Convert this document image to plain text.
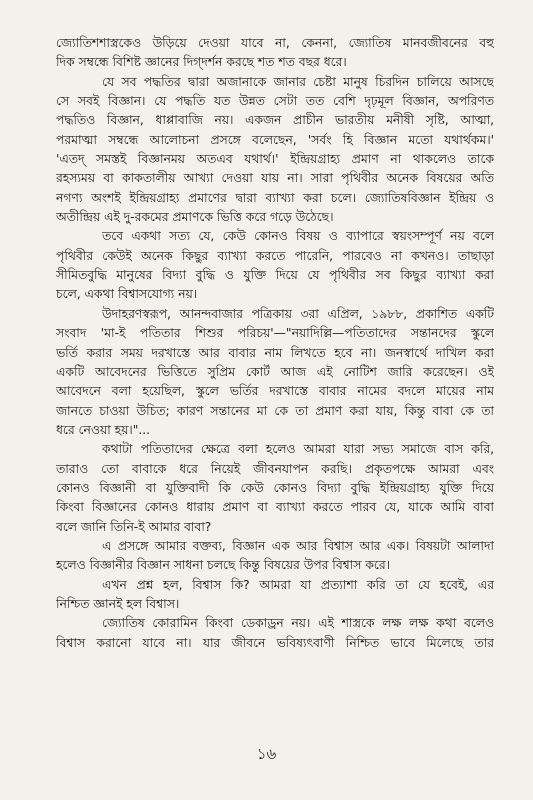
জ্যোতিশশাস্ত্রকেও উড়িয়ে দেওয়া যাবে না, কেননা, জ্যোতিষ মানবজীবনের বহু
দিক সম্বন্ধে বিশিষ্ট জ্ঞানের দিগ্‌দর্শন করছে শত শত বছর ধরে।
যে সব পদ্ধতির দ্বারা অজানাকে জানার চেষ্টা মানুষ চিরদিন চালিয়ে আসছে
সে সবই বিজ্ঞান। যে পদ্ধতি যত উন্নত সেটা তত বেশি দৃঢ়মূল বিজ্ঞান, অপরিণত
পদ্ধতিও বিজ্ঞান, ধাপ্পাবাজি নয়। একজন প্রাচীন ভারতীয় মনীষী সৃষ্টি, আত্মা,
পরমাত্মা সম্বন্ধে আলোচনা প্রসঙ্গে বলেছেন, 'সর্বং হি বিজ্ঞান মতো যথার্থকম।'
'এতদ্ সমস্তই বিজ্ঞানময় অতএব যথার্থ।' ইন্দ্রিয়গ্রাহ্য প্রমাণ না থাকলেও তাকে
রহস্যময় বা কাকতালীয় আখ্যা দেওয়া যায় না। সারা পৃথিবীর অনেক বিষয়ের অতি
নগণ্য অংশই ইন্দ্রিয়গ্রাহ্য প্রমাণের দ্বারা ব্যাখ্যা করা চলে। জ্যোতিষবিজ্ঞান ইন্দ্রিয় ও
অতীন্দ্রিয় এই দু-রকমের প্রমাণকে ভিত্তি করে গড়ে উঠেছে।
তবে একথা সত্য যে, কেউ কোনও বিষয় ও ব্যাপারে স্বয়ংসম্পূর্ণ নয় বলে
পৃথিবীর কেউই অনেক কিছুর ব্যাখ্যা করতে পারেনি, পারবেও না কখনও। তাছাড়া
সীমিতবুদ্ধি মানুষের বিদ্যা বুদ্ধি ও যুক্তি দিয়ে যে পৃথিবীর সব কিছুর ব্যাখ্যা করা
চলে, একথা বিশ্বাসযোগ্য নয়।
উদাহরণস্বরূপ, আনন্দবাজার পত্রিকায় ৩রা এপ্রিল, ১৯৮৮, প্রকাশিত একটি
সংবাদ 'মা-ই পতিতার শিশুর পরিচয়'—"নয়াদিল্লি—পতিতাদের সন্তানদের স্কুলে
ভর্তি করার সময় দরখাস্তে আর বাবার নাম লিখতে হবে না। জনস্বার্থে দাখিল করা
একটি আবেদনের ভিত্তিতে সুপ্রিম কোর্ট আজ এই নোটিশ জারি করেছেন। ওই
আবেদনে বলা হয়েছিল, স্কুলে ভর্তির দরখাস্তে বাবার নামের বদলে মায়ের নাম
জানতে চাওয়া উচিত; কারণ সন্তানের মা কে তা প্রমাণ করা যায়, কিন্তু বাবা কে তা
ধরে নেওয়া হয়।"...
কথাটা পতিতাদের ক্ষেত্রে বলা হলেও আমরা যারা সভ্য সমাজে বাস করি,
তারাও তো বাবাকে ধরে নিয়েই জীবনযাপন করছি। প্রকৃতপক্ষে আমরা এবং
কোনও বিজ্ঞানী বা যুক্তিবাদী কি কেউ কোনও বিদ্যা বুদ্ধি ইন্দ্রিয়গ্রাহ্য যুক্তি দিয়ে
কিংবা বিজ্ঞানের কোনও ধারায় প্রমাণ বা ব্যাখ্যা করতে পারব যে, যাকে আমি বাবা
বলে জানি তিনি-ই আমার বাবা?
এ প্রসঙ্গে আমার বক্তব্য, বিজ্ঞান এক আর বিশ্বাস আর এক। বিষয়টা আলাদা
হলেও বিজ্ঞানীর বিজ্ঞান সাধনা চলছে কিন্তু বিষয়ের উপর বিশ্বাস করে।
এখন প্রশ্ন হল, বিশ্বাস কি? আমরা যা প্রত্যাশা করি তা যে হবেই, এর
নিশ্চিত জ্ঞানই হল বিশ্বাস।
জ্যোতিষ কোরামিন কিংবা ডেকাড্রন নয়। এই শাস্ত্রকে লক্ষ লক্ষ কথা বলেও
বিশ্বাস করানো যাবে না। যার জীবনে ভবিষ্যৎবাণী নিশ্চিত ভাবে মিলেছে তার
১৬
